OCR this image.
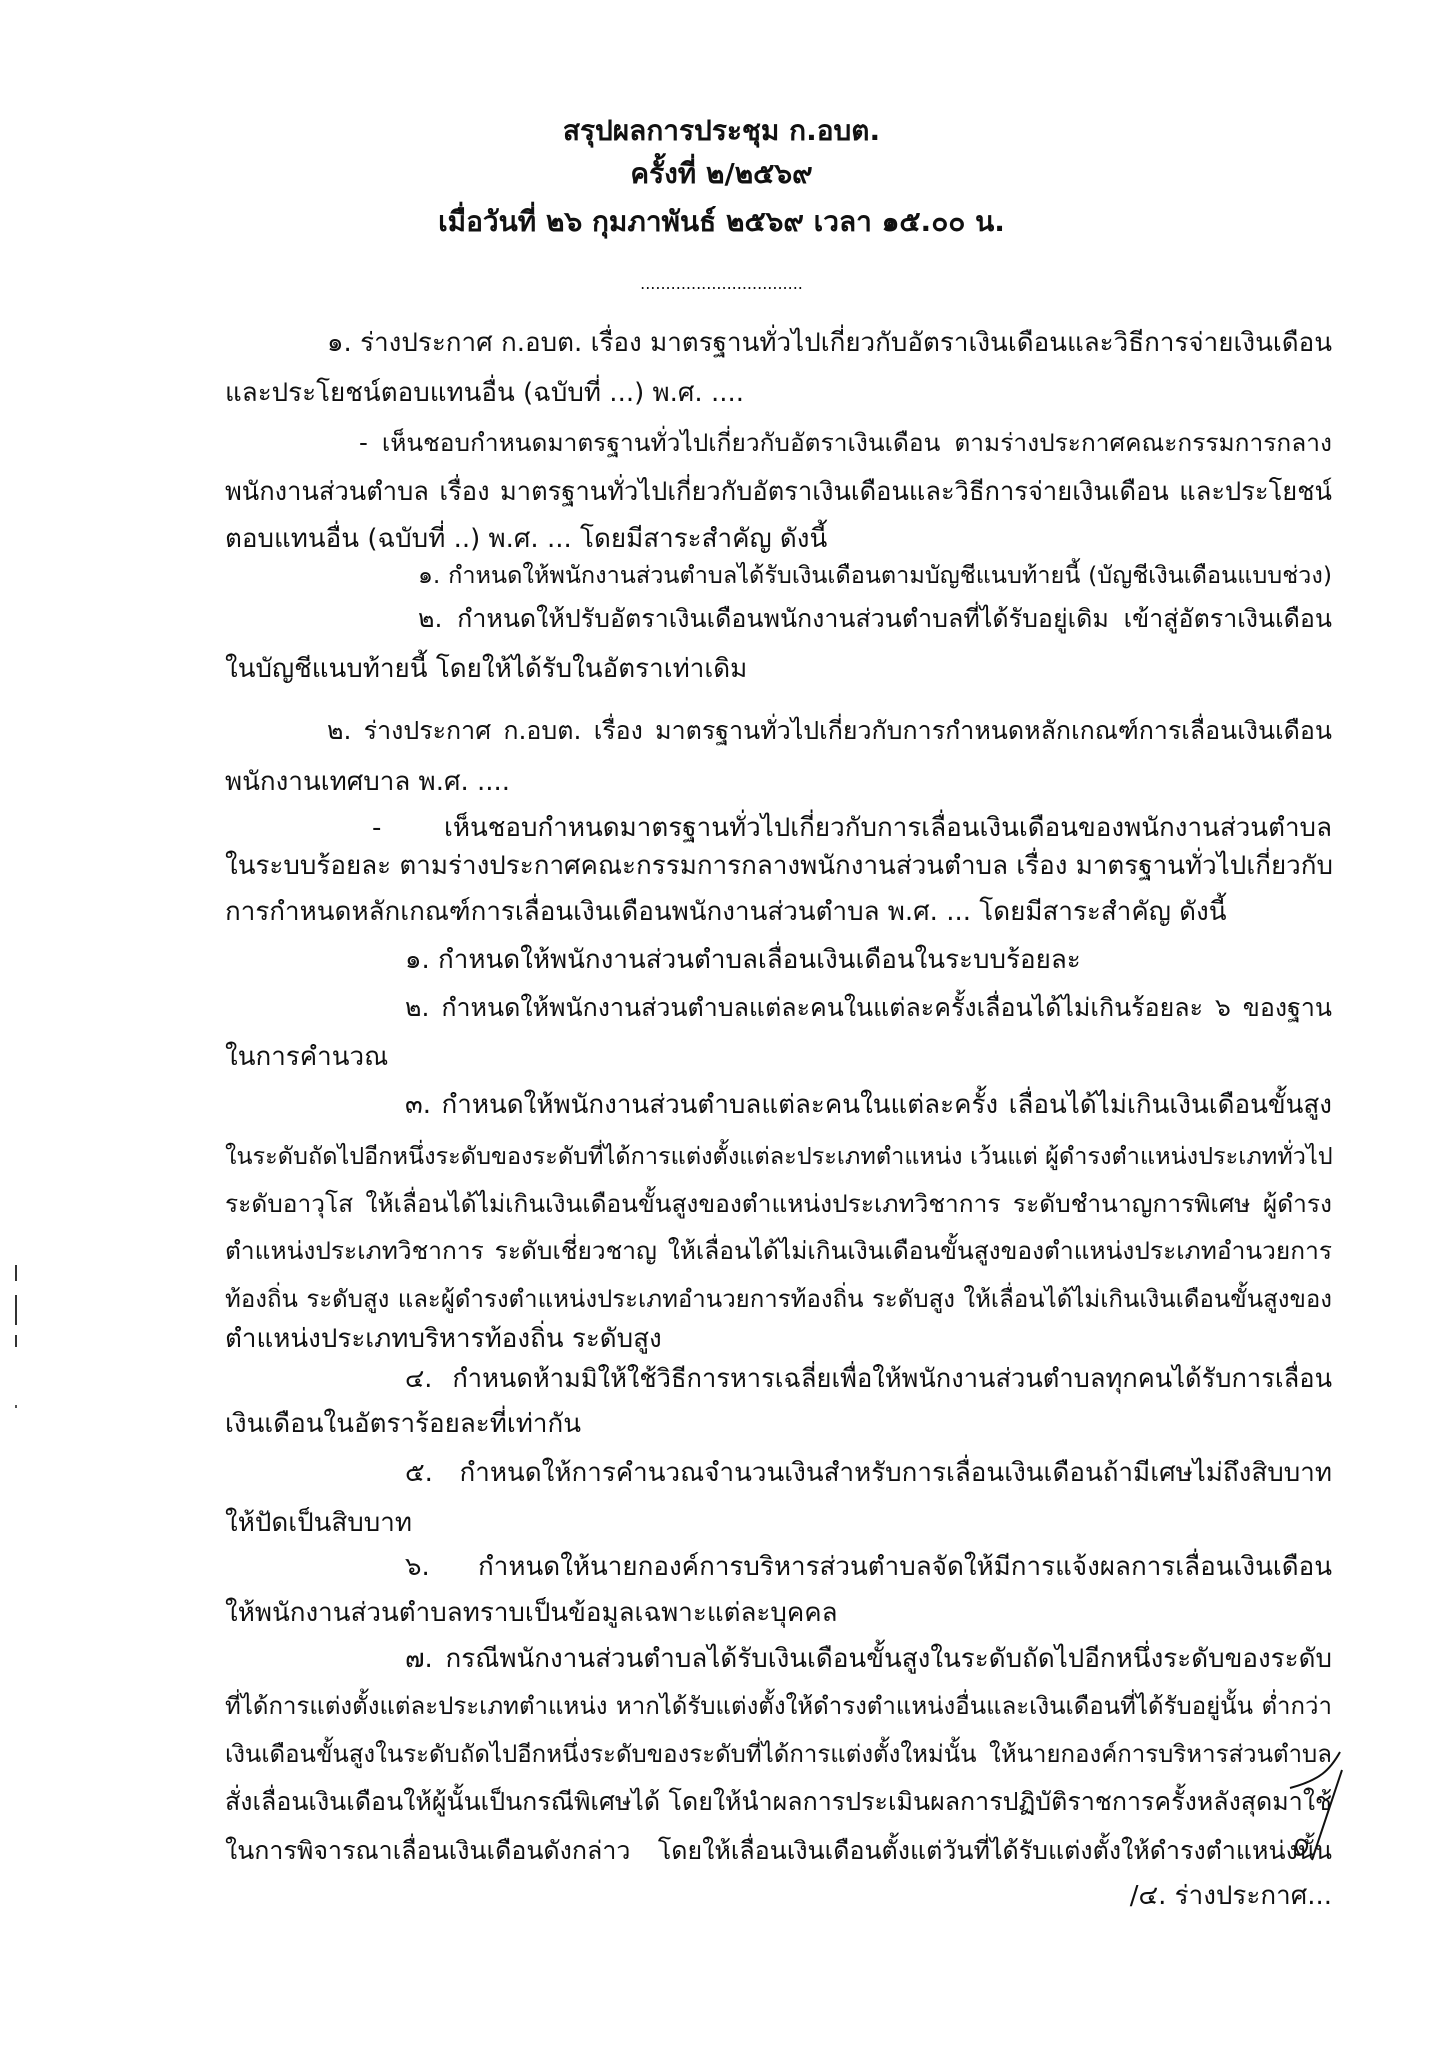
สรุปผลการประชุม ก.อบต.
ครั้งที่ ๒/๒๕๖๙
เมื่อวันที่ ๒๖ กุมภาพันธ์ ๒๕๖๙ เวลา ๑๕.๐๐ น.
................................
๑. ร่างประกาศ ก.อบต. เรื่อง มาตรฐานทั่วไปเกี่ยวกับอัตราเงินเดือนและวิธีการจ่ายเงินเดือน
และประโยชน์ตอบแทนอื่น (ฉบับที่ ...) พ.ศ. ....
- เห็นชอบกำหนดมาตรฐานทั่วไปเกี่ยวกับอัตราเงินเดือน ตามร่างประกาศคณะกรรมการกลาง
พนักงานส่วนตำบล เรื่อง มาตรฐานทั่วไปเกี่ยวกับอัตราเงินเดือนและวิธีการจ่ายเงินเดือน และประโยชน์
ตอบแทนอื่น (ฉบับที่ ..) พ.ศ. ... โดยมีสาระสำคัญ ดังนี้
๑. กำหนดให้พนักงานส่วนตำบลได้รับเงินเดือนตามบัญชีแนบท้ายนี้ (บัญชีเงินเดือนแบบช่วง)
๒. กำหนดให้ปรับอัตราเงินเดือนพนักงานส่วนตำบลที่ได้รับอยู่เดิม เข้าสู่อัตราเงินเดือน
ในบัญชีแนบท้ายนี้ โดยให้ได้รับในอัตราเท่าเดิม
๒. ร่างประกาศ ก.อบต. เรื่อง มาตรฐานทั่วไปเกี่ยวกับการกำหนดหลักเกณฑ์การเลื่อนเงินเดือน
พนักงานเทศบาล พ.ศ. ....
- เห็นชอบกำหนดมาตรฐานทั่วไปเกี่ยวกับการเลื่อนเงินเดือนของพนักงานส่วนตำบล
ในระบบร้อยละ ตามร่างประกาศคณะกรรมการกลางพนักงานส่วนตำบล เรื่อง มาตรฐานทั่วไปเกี่ยวกับ
การกำหนดหลักเกณฑ์การเลื่อนเงินเดือนพนักงานส่วนตำบล พ.ศ. ... โดยมีสาระสำคัญ ดังนี้
๑. กำหนดให้พนักงานส่วนตำบลเลื่อนเงินเดือนในระบบร้อยละ
๒. กำหนดให้พนักงานส่วนตำบลแต่ละคนในแต่ละครั้งเลื่อนได้ไม่เกินร้อยละ ๖ ของฐาน
ในการคำนวณ
๓. กำหนดให้พนักงานส่วนตำบลแต่ละคนในแต่ละครั้ง เลื่อนได้ไม่เกินเงินเดือนขั้นสูง
ในระดับถัดไปอีกหนึ่งระดับของระดับที่ได้การแต่งตั้งแต่ละประเภทตำแหน่ง เว้นแต่ ผู้ดำรงตำแหน่งประเภททั่วไป
ระดับอาวุโส ให้เลื่อนได้ไม่เกินเงินเดือนขั้นสูงของตำแหน่งประเภทวิชาการ ระดับชำนาญการพิเศษ ผู้ดำรง
ตำแหน่งประเภทวิชาการ ระดับเชี่ยวชาญ ให้เลื่อนได้ไม่เกินเงินเดือนขั้นสูงของตำแหน่งประเภทอำนวยการ
ท้องถิ่น ระดับสูง และผู้ดำรงตำแหน่งประเภทอำนวยการท้องถิ่น ระดับสูง ให้เลื่อนได้ไม่เกินเงินเดือนขั้นสูงของ
ตำแหน่งประเภทบริหารท้องถิ่น ระดับสูง
๔. กำหนดห้ามมิให้ใช้วิธีการหารเฉลี่ยเพื่อให้พนักงานส่วนตำบลทุกคนได้รับการเลื่อน
เงินเดือนในอัตราร้อยละที่เท่ากัน
๕. กำหนดให้การคำนวณจำนวนเงินสำหรับการเลื่อนเงินเดือนถ้ามีเศษไม่ถึงสิบบาท
ให้ปัดเป็นสิบบาท
๖. กำหนดให้นายกองค์การบริหารส่วนตำบลจัดให้มีการแจ้งผลการเลื่อนเงินเดือน
ให้พนักงานส่วนตำบลทราบเป็นข้อมูลเฉพาะแต่ละบุคคล
๗. กรณีพนักงานส่วนตำบลได้รับเงินเดือนขั้นสูงในระดับถัดไปอีกหนึ่งระดับของระดับ
ที่ได้การแต่งตั้งแต่ละประเภทตำแหน่ง หากได้รับแต่งตั้งให้ดำรงตำแหน่งอื่นและเงินเดือนที่ได้รับอยู่นั้น ต่ำกว่า
เงินเดือนขั้นสูงในระดับถัดไปอีกหนึ่งระดับของระดับที่ได้การแต่งตั้งใหม่นั้น ให้นายกองค์การบริหารส่วนตำบล
สั่งเลื่อนเงินเดือนให้ผู้นั้นเป็นกรณีพิเศษได้ โดยให้นำผลการประเมินผลการปฏิบัติราชการครั้งหลังสุดมาใช้
ในการพิจารณาเลื่อนเงินเดือนดังกล่าว โดยให้เลื่อนเงินเดือนตั้งแต่วันที่ได้รับแต่งตั้งให้ดำรงตำแหน่งนั้น
/๔. ร่างประกาศ...
